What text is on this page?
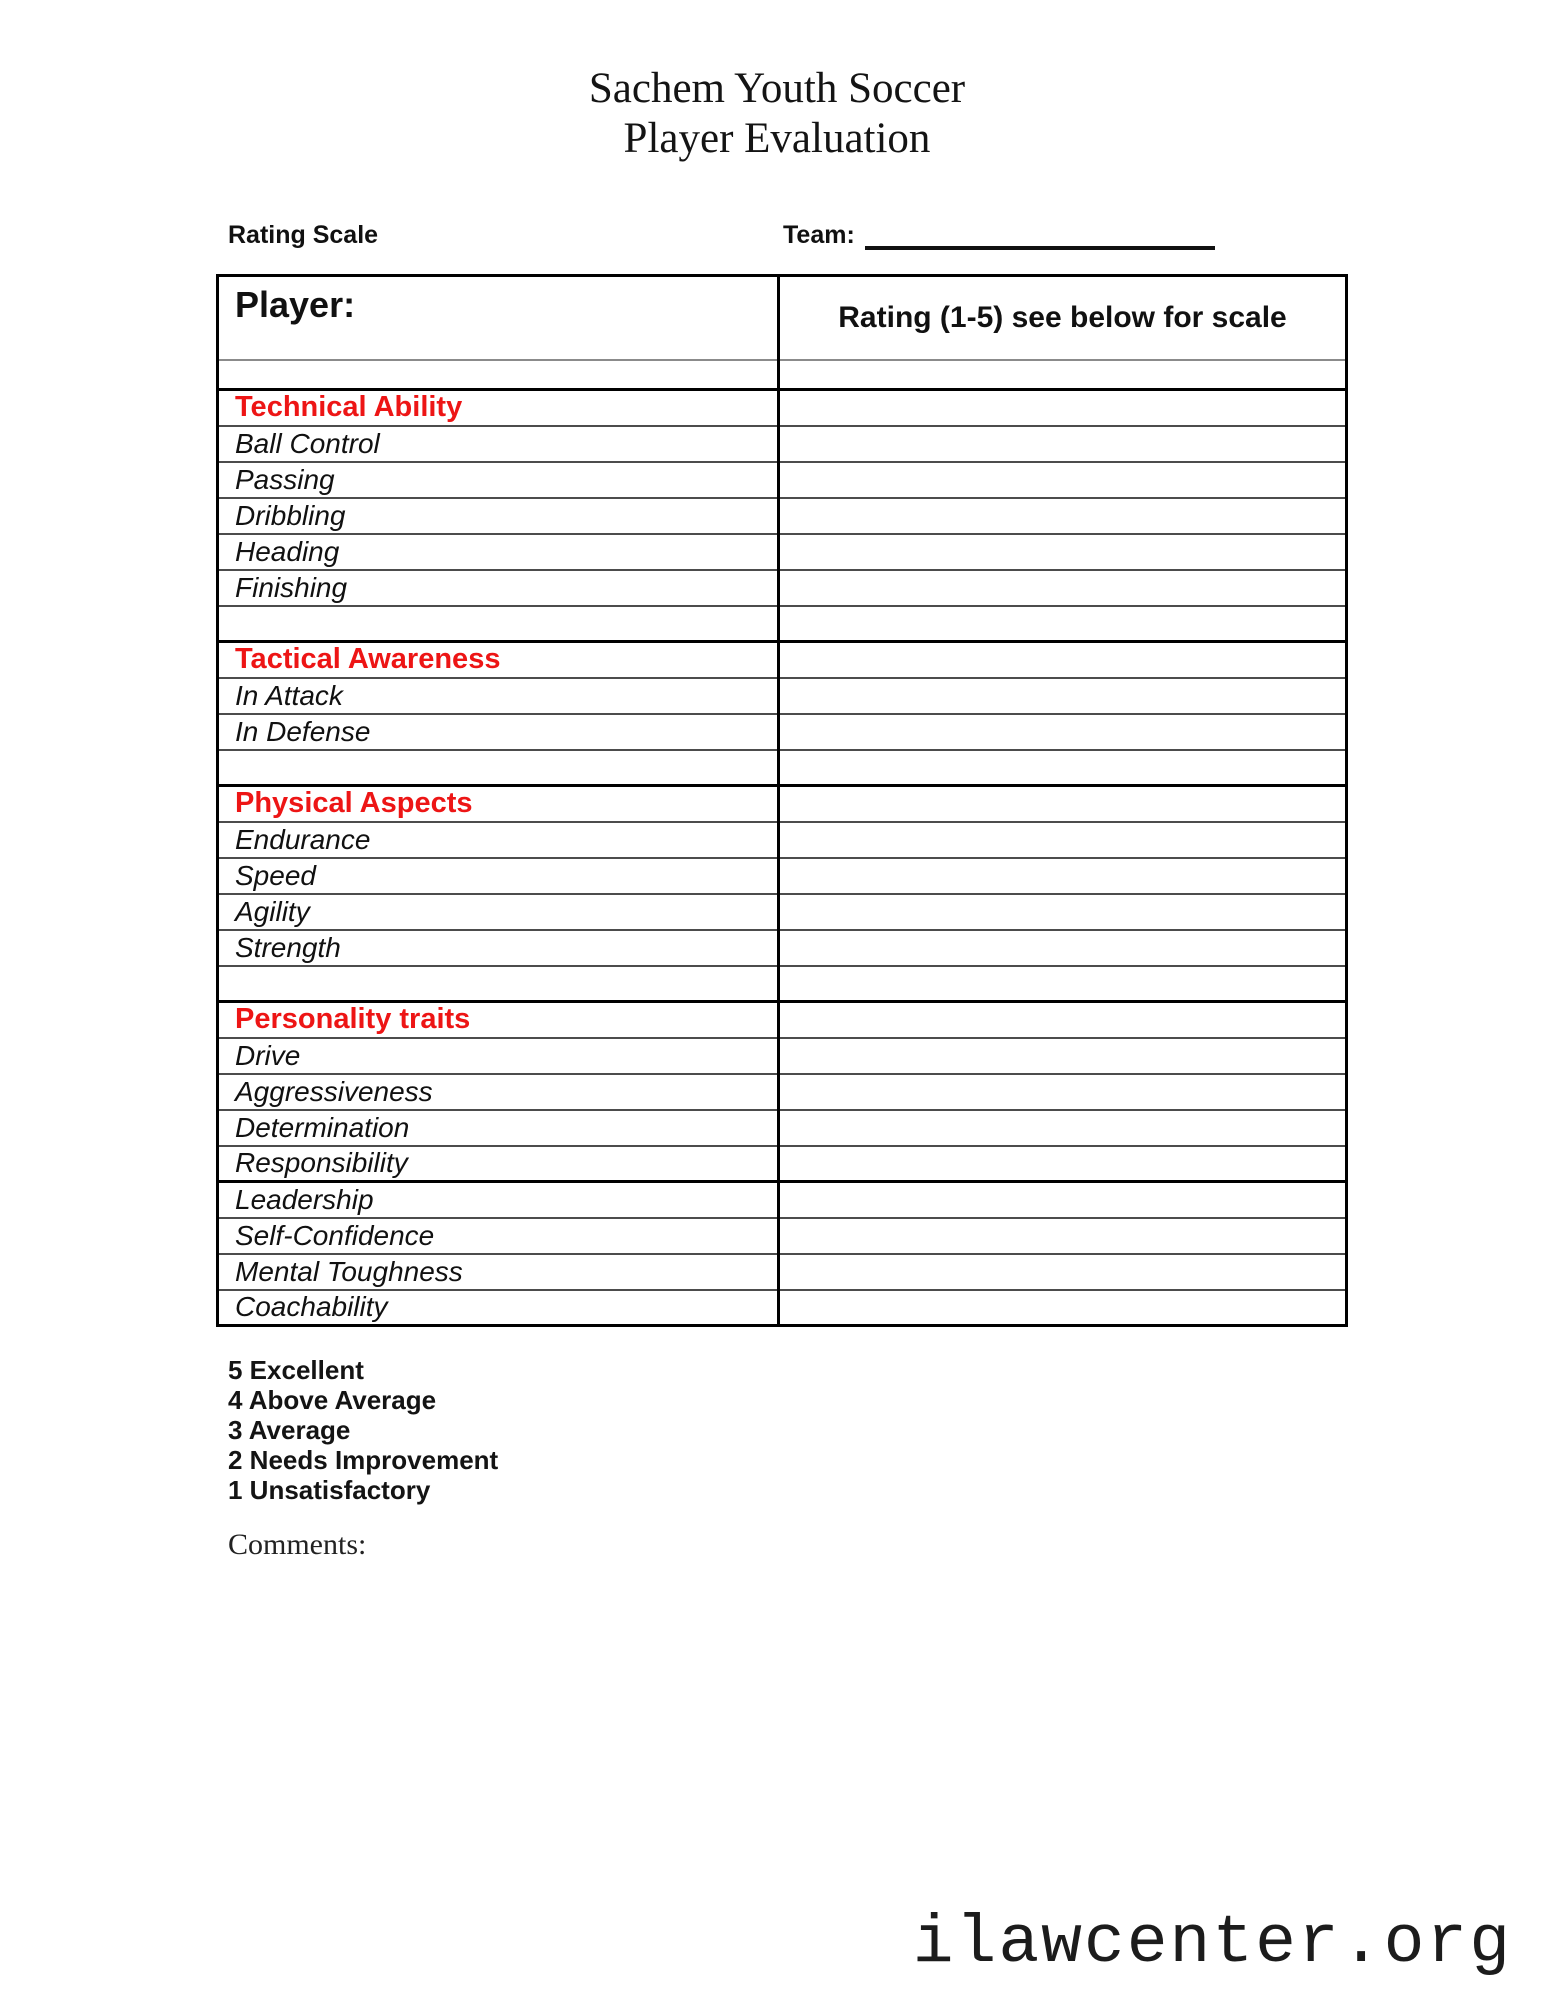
Sachem Youth Soccer
Player Evaluation
Rating Scale	Team:
Player:	Rating (1-5) see below for scale

Technical Ability	
Ball Control	
Passing	
Dribbling	
Heading	
Finishing	

Tactical Awareness	
In Attack	
In Defense	

Physical Aspects	
Endurance	
Speed	
Agility	
Strength	

Personality traits	
Drive	
Aggressiveness	
Determination	
Responsibility	
Leadership	
Self-Confidence	
Mental Toughness	
Coachability	
5 Excellent
4 Above Average
3 Average
2 Needs Improvement
1 Unsatisfactory
Comments:
ilawcenter.org
